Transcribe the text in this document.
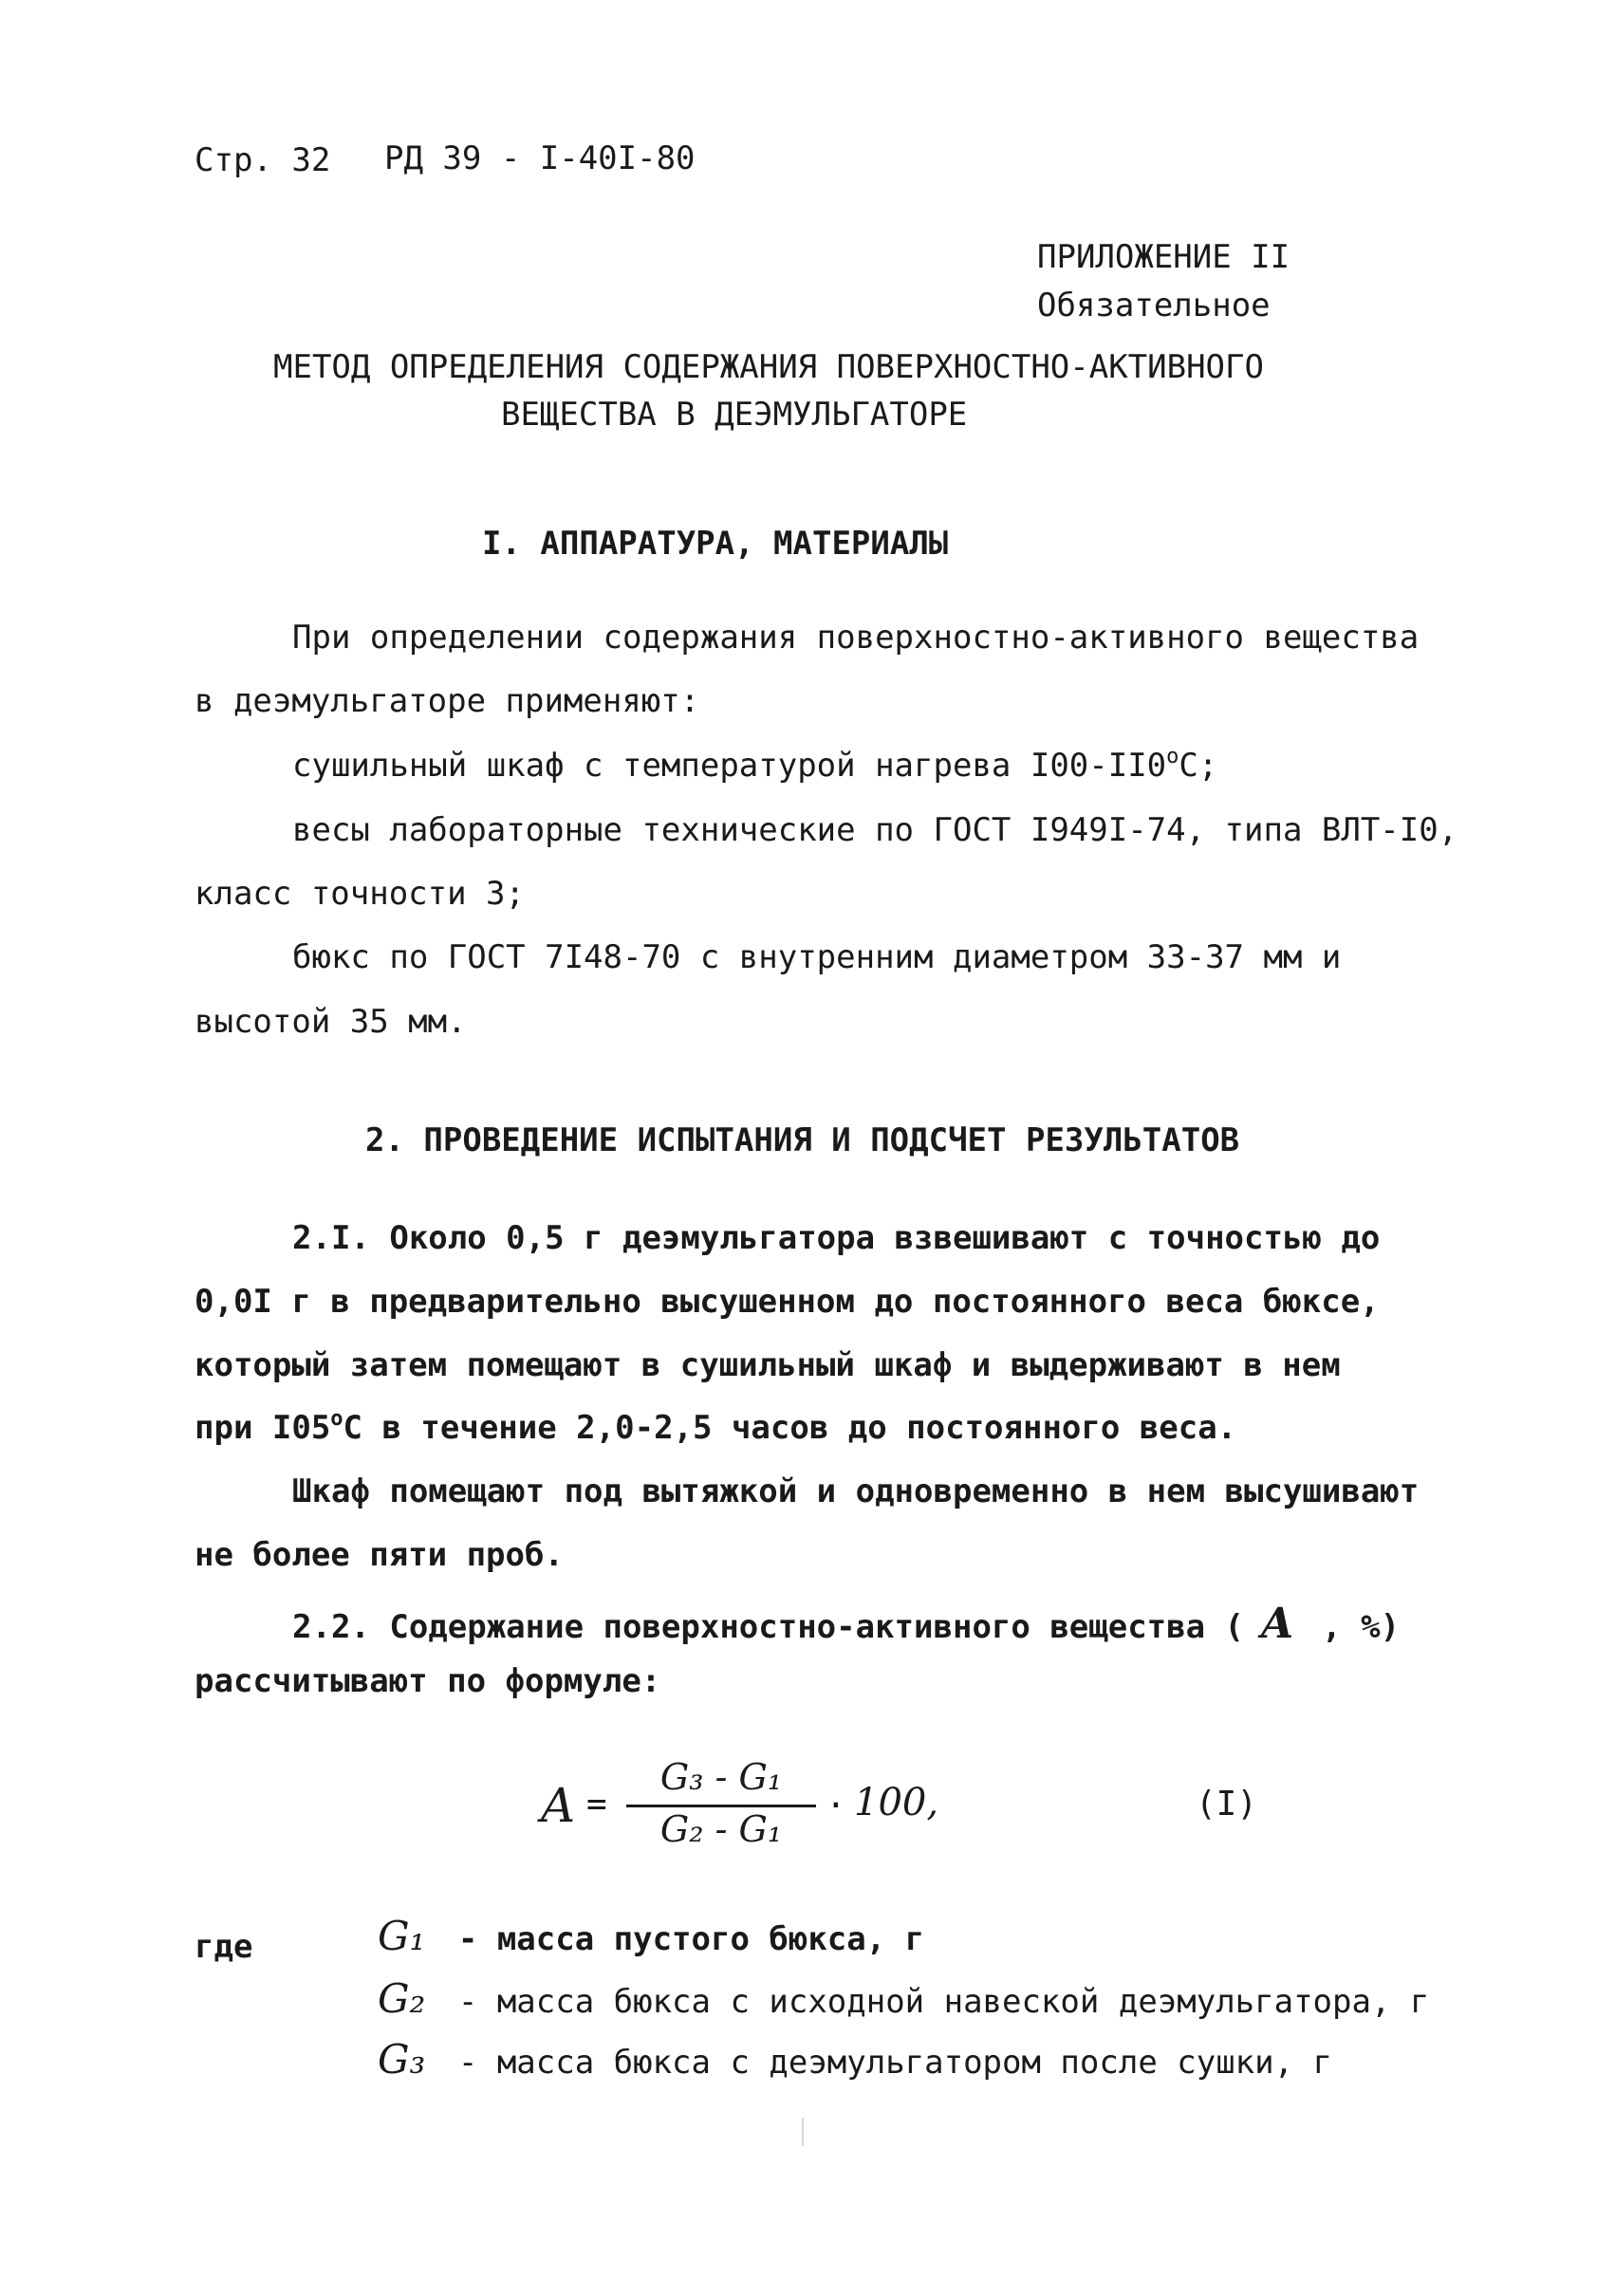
Стр. 32 РД 39 - I-40I-80
ПРИЛОЖЕНИЕ II
Обязательное
МЕТОД ОПРЕДЕЛЕНИЯ СОДЕРЖАНИЯ ПОВЕРХНОСТНО-АКТИВНОГО
ВЕЩЕСТВА В ДЕЭМУЛЬГАТОРЕ
I. АППАРАТУРА, МАТЕРИАЛЫ
При определении содержания поверхностно-активного вещества
в деэмульгаторе применяют:
сушильный шкаф с температурой нагрева $I00-II0^оС$;
весы лабораторные технические по ГОСТ I949I-74, типа ВЛТ-I0,
класс точности 3;
бюкс по ГОСТ 7I48-70 с внутренним диаметром 33-37 мм и
высотой 35 мм.
2. ПРОВЕДЕНИЕ ИСПЫТАНИЯ И ПОДСЧЕТ РЕЗУЛЬТАТОВ
2.I. Около 0,5 г деэмульгатора взвешивают с точностью до
0,0I г в предварительно высушенном до постоянного веса бюксе,
который затем помещают в сушильный шкаф и выдерживают в нем
при $I05^оС$ в течение 2,0-2,5 часов до постоянного веса.
Шкаф помещают под вытяжкой и одновременно в нем высушивают
не более пяти проб.
2.2. Содержание поверхностно-активного вещества ( A , %)
рассчитывают по формуле:
A =
G₃ - G₁
G₂ - G₁
· 100,	(I)
где	G₁ - масса пустого бюкса, г
G₂ - масса бюкса с исходной навеской деэмульгатора, г
G₃ - масса бюкса с деэмульгатором после сушки, г
